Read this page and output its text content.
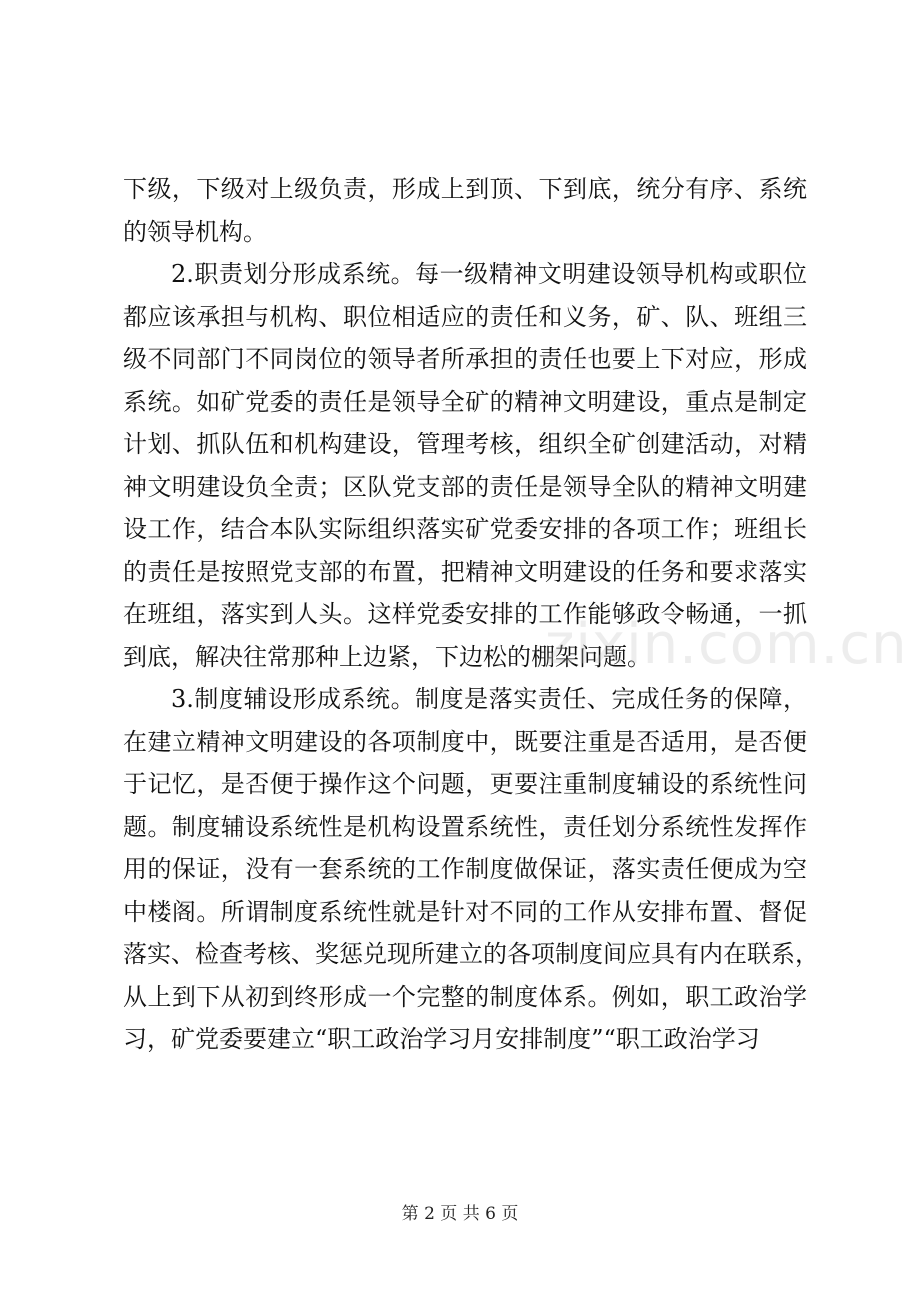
下级，下级对上级负责，形成上到顶、下到底，统分有序、系统
的领导机构。
2.职责划分形成系统。每一级精神文明建设领导机构或职位
都应该承担与机构、职位相适应的责任和义务，矿、队、班组三
级不同部门不同岗位的领导者所承担的责任也要上下对应，形成
系统。如矿党委的责任是领导全矿的精神文明建设，重点是制定
计划、抓队伍和机构建设，管理考核，组织全矿创建活动，对精
神文明建设负全责；区队党支部的责任是领导全队的精神文明建
设工作，结合本队实际组织落实矿党委安排的各项工作；班组长
的责任是按照党支部的布置，把精神文明建设的任务和要求落实
在班组，落实到人头。这样党委安排的工作能够政令畅通，一抓
到底，解决往常那种上边紧，下边松的棚架问题。
3.制度辅设形成系统。制度是落实责任、完成任务的保障，
在建立精神文明建设的各项制度中，既要注重是否适用，是否便
于记忆，是否便于操作这个问题，更要注重制度辅设的系统性问
题。制度辅设系统性是机构设置系统性，责任划分系统性发挥作
用的保证，没有一套系统的工作制度做保证，落实责任便成为空
中楼阁。所谓制度系统性就是针对不同的工作从安排布置、督促
落实、检查考核、奖惩兑现所建立的各项制度间应具有内在联系，
从上到下从初到终形成一个完整的制度体系。例如，职工政治学
习，矿党委要建立“职工政治学习月安排制度”“职工政治学习
zixin.com.cn
第 2 页 共 6 页
